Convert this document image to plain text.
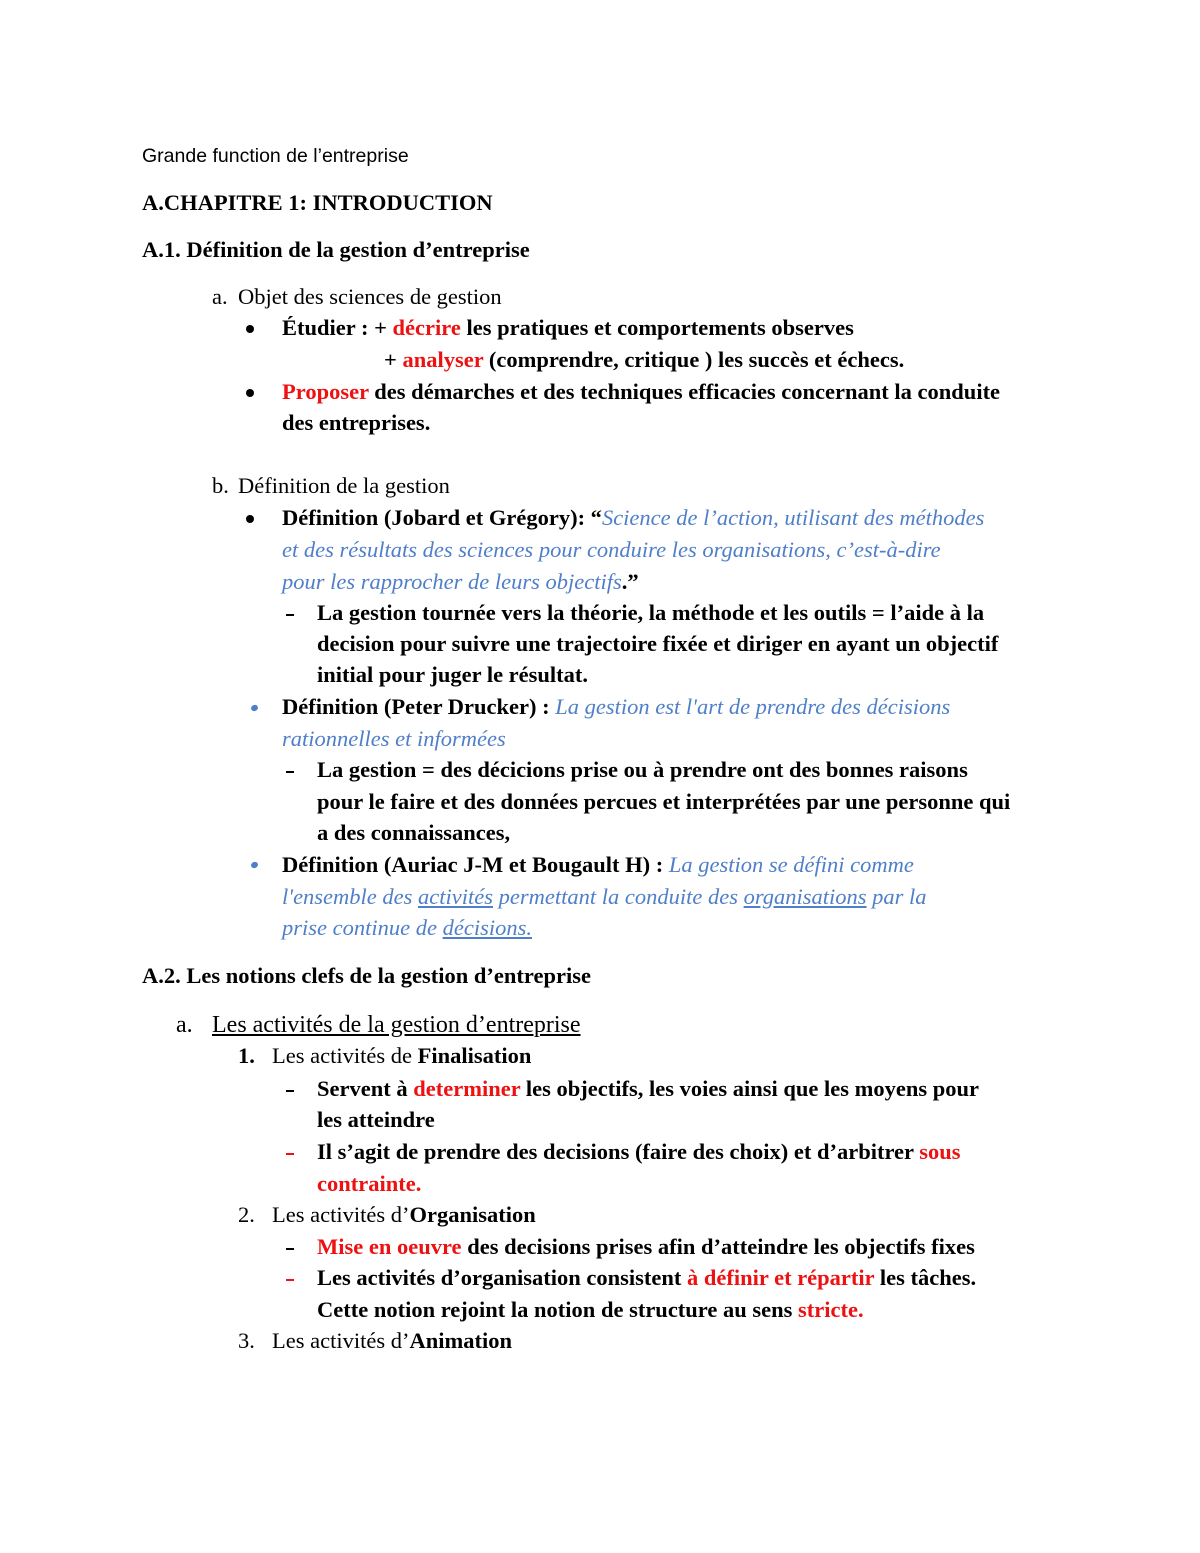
Grande function de l’entreprise
A.CHAPITRE 1: INTRODUCTION
A.1. Définition de la gestion d’entreprise
a. Objet des sciences de gestion
Étudier : + décrire les pratiques et comportements observes
+ analyser (comprendre, critique ) les succès et échecs.
Proposer des démarches et des techniques efficacies concernant la conduite
des entreprises.
b. Définition de la gestion
Définition (Jobard et Grégory): “Science de l’action, utilisant des méthodes
et des résultats des sciences pour conduire les organisations, c’est-à-dire
pour les rapprocher de leurs objectifs.”
La gestion tournée vers la théorie, la méthode et les outils = l’aide à la
decision pour suivre une trajectoire fixée et diriger en ayant un objectif
initial pour juger le résultat.
Définition (Peter Drucker) : La gestion est l'art de prendre des décisions
rationnelles et informées
La gestion = des décicions prise ou à prendre ont des bonnes raisons
pour le faire et des données percues et interprétées par une personne qui
a des connaissances,
Définition (Auriac J-M et Bougault H) : La gestion se défini comme
l'ensemble des activités permettant la conduite des organisations par la
prise continue de décisions.
A.2. Les notions clefs de la gestion d’entreprise
a. Les activités de la gestion d’entreprise
1. Les activités de Finalisation
Servent à determiner les objectifs, les voies ainsi que les moyens pour
les atteindre
Il s’agit de prendre des decisions (faire des choix) et d’arbitrer sous
contrainte.
2. Les activités d’Organisation
Mise en oeuvre des decisions prises afin d’atteindre les objectifs fixes
Les activités d’organisation consistent à définir et répartir les tâches.
Cette notion rejoint la notion de structure au sens stricte.
3. Les activités d’Animation
